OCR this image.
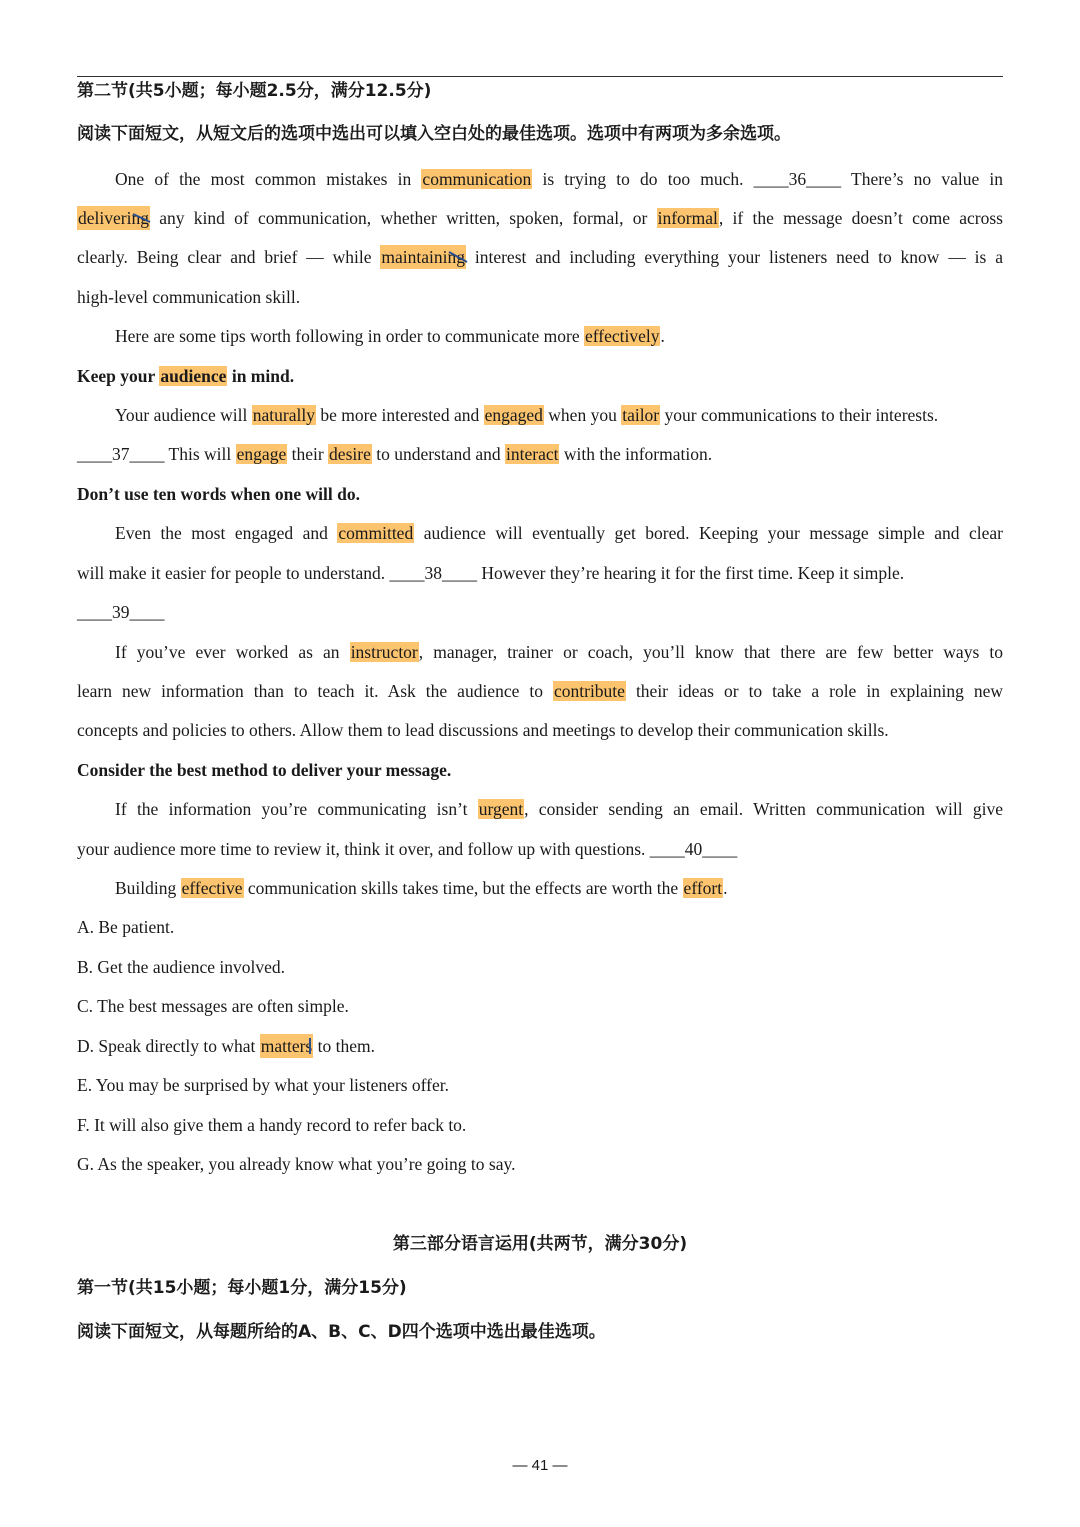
第二节(共5小题；每小题2.5分，满分12.5分)
阅读下面短文，从短文后的选项中选出可以填入空白处的最佳选项。选项中有两项为多余选项。
One of the most common mistakes in communication is trying to do too much. ____36____ There’s no value in
delivering
any kind of communication, whether written, spoken, formal, or informal, if the message doesn’t come across
clearly. Being clear and brief — while maintaining
interest and including everything your listeners need to know — is a
high-level communication skill.
Here are some tips worth following in order to communicate more effectively.
Keep your audience in mind.
Your audience will naturally be more interested and engaged when you tailor your communications to their interests.
____37____ This will engage their desire to understand and interact with the information.
Don’t use ten words when one will do.
Even the most engaged and committed audience will eventually get bored. Keeping your message simple and clear
will make it easier for people to understand. ____38____ However they’re hearing it for the first time. Keep it simple.
____39____
If you’ve ever worked as an instructor, manager, trainer or coach, you’ll know that there are few better ways to
learn new information than to teach it. Ask the audience to contribute their ideas or to take a role in explaining new
concepts and policies to others. Allow them to lead discussions and meetings to develop their communication skills.
Consider the best method to deliver your message.
If the information you’re communicating isn’t urgent, consider sending an email. Written communication will give
your audience more time to review it, think it over, and follow up with questions. ____40____
Building effective communication skills takes time, but the effects are worth the effort.
A. Be patient.
B. Get the audience involved.
C. The best messages are often simple.
D. Speak directly to what matters
to them.
E. You may be surprised by what your listeners offer.
F. It will also give them a handy record to refer back to.
G. As the speaker, you already know what you’re going to say.
第三部分语言运用(共两节，满分30分)
第一节(共15小题；每小题1分，满分15分)
阅读下面短文，从每题所给的A、B、C、D四个选项中选出最佳选项。
— 41 —
